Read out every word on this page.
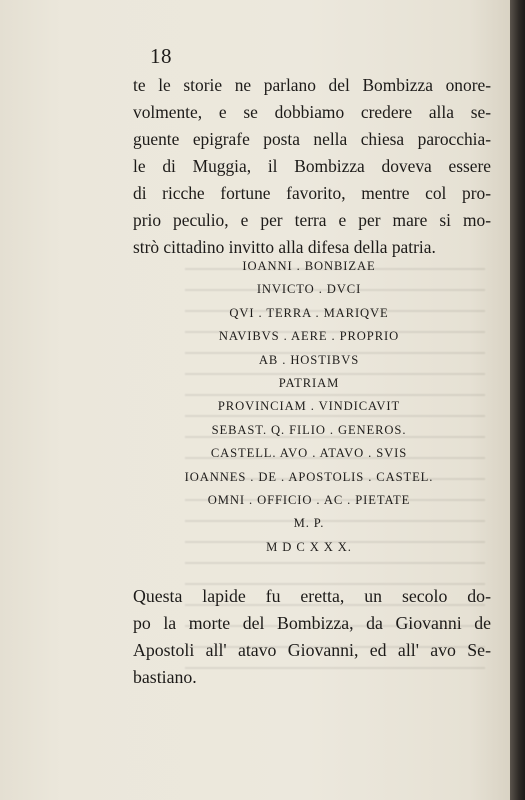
18
te le storie ne parlano del Bombizza onore-
volmente, e se dobbiamo credere alla se-
guente epigrafe posta nella chiesa parocchia-
le di Muggia, il Bombizza doveva essere
di ricche fortune favorito, mentre col pro-
prio peculio, e per terra e per mare si mo-
strò cittadino invitto alla difesa della patria.
IOANNI . BONBIZAE
INVICTO . DVCI
QVI . TERRA . MARIQVE
NAVIBVS . AERE . PROPRIO
AB . HOSTIBVS
PATRIAM
PROVINCIAM . VINDICAVIT
SEBAST. Q. FILIO . GENEROS.
CASTELL. AVO . ATAVO . SVIS
IOANNES . DE . APOSTOLIS . CASTEL.
OMNI . OFFICIO . AC . PIETATE
M. P.
M D C X X X.
Questa lapide fu eretta, un secolo do-
po la morte del Bombizza, da Giovanni de
Apostoli all' atavo Giovanni, ed all' avo Se-
bastiano.
